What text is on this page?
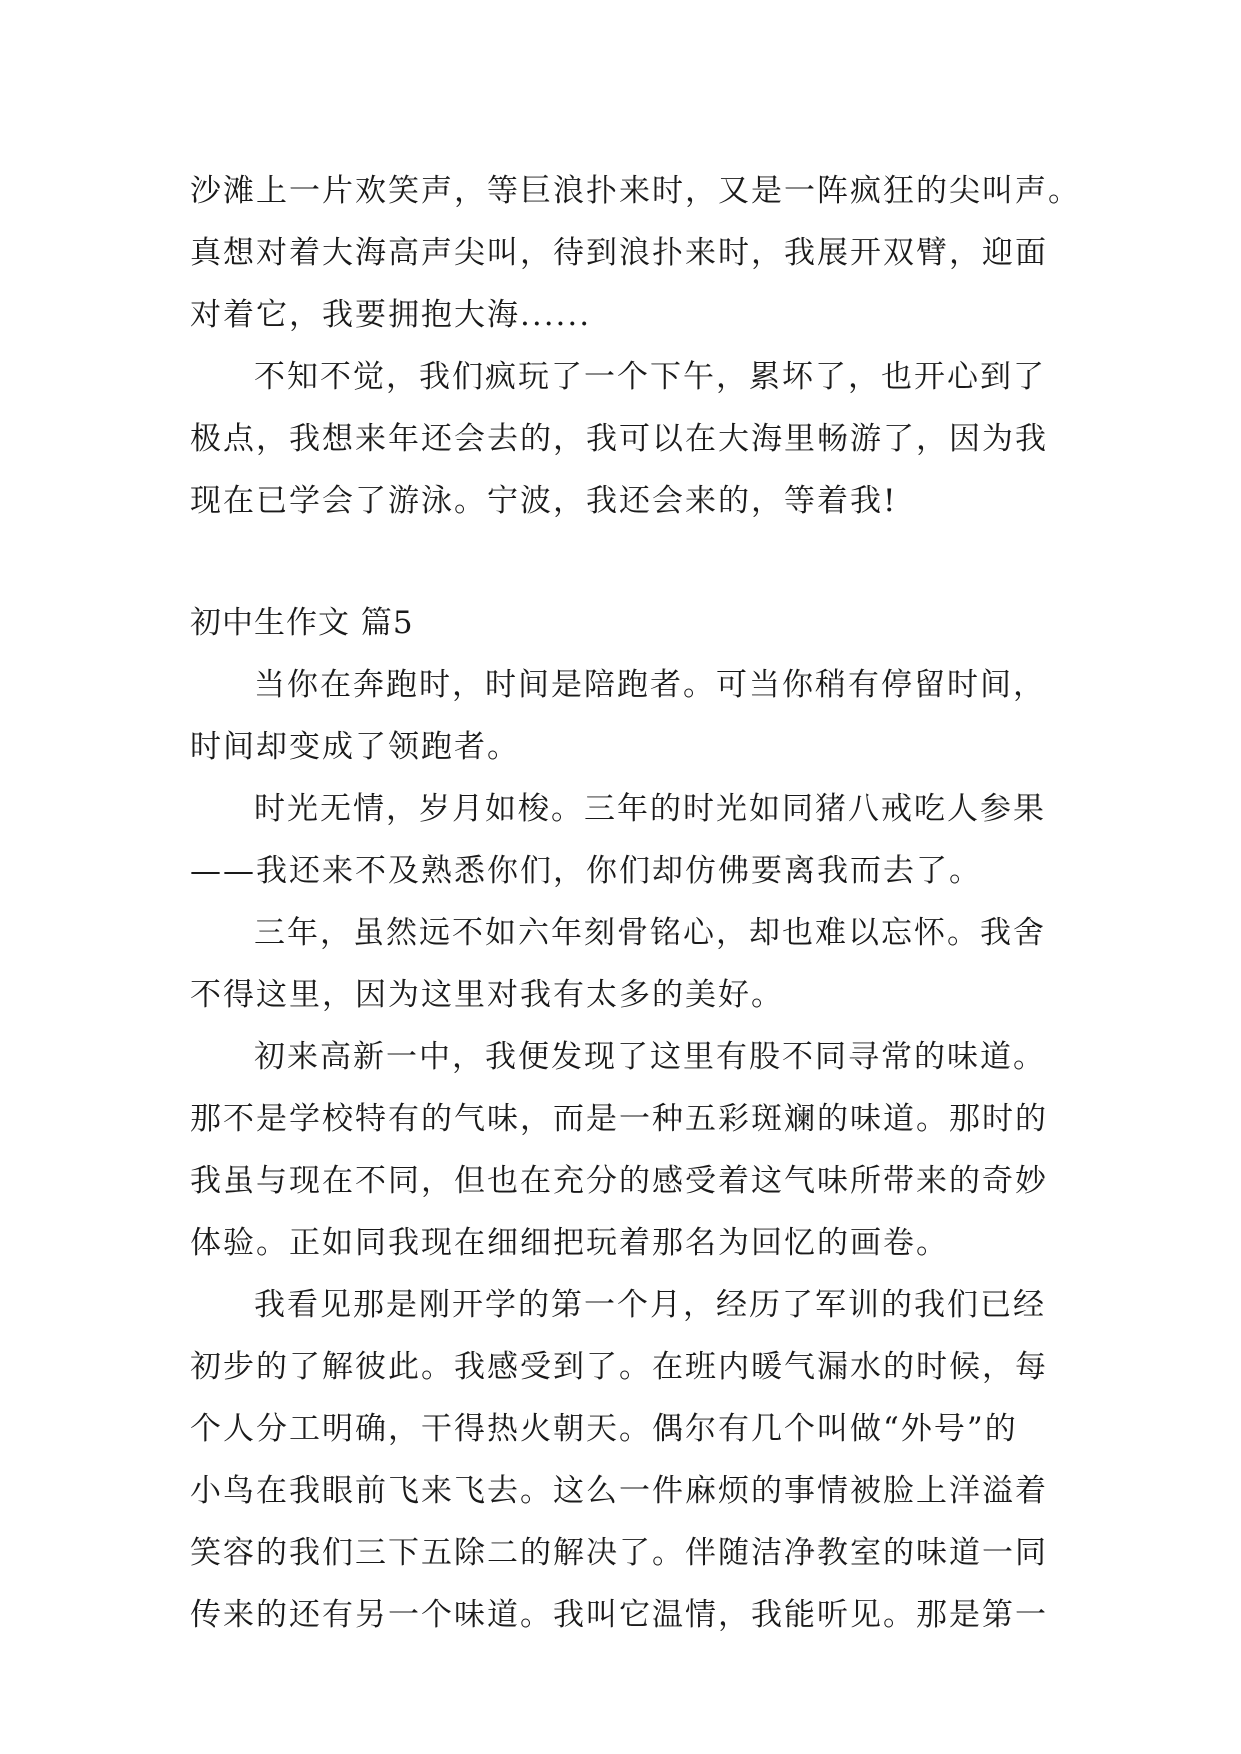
沙滩上一片欢笑声，等巨浪扑来时，又是一阵疯狂的尖叫声。
真想对着大海高声尖叫，待到浪扑来时，我展开双臂，迎面
对着它，我要拥抱大海......
不知不觉，我们疯玩了一个下午，累坏了，也开心到了
极点，我想来年还会去的，我可以在大海里畅游了，因为我
现在已学会了游泳。宁波，我还会来的，等着我!
初中生作文 篇5
当你在奔跑时，时间是陪跑者。可当你稍有停留时间，
时间却变成了领跑者。
时光无情，岁月如梭。三年的时光如同猪八戒吃人参果
——我还来不及熟悉你们，你们却仿佛要离我而去了。
三年，虽然远不如六年刻骨铭心，却也难以忘怀。我舍
不得这里，因为这里对我有太多的美好。
初来高新一中，我便发现了这里有股不同寻常的味道。
那不是学校特有的气味，而是一种五彩斑斓的味道。那时的
我虽与现在不同，但也在充分的感受着这气味所带来的奇妙
体验。正如同我现在细细把玩着那名为回忆的画卷。
我看见那是刚开学的第一个月，经历了军训的我们已经
初步的了解彼此。我感受到了。在班内暖气漏水的时候，每
个人分工明确，干得热火朝天。偶尔有几个叫做“外号”的
小鸟在我眼前飞来飞去。这么一件麻烦的事情被脸上洋溢着
笑容的我们三下五除二的解决了。伴随洁净教室的味道一同
传来的还有另一个味道。我叫它温情，我能听见。那是第一
